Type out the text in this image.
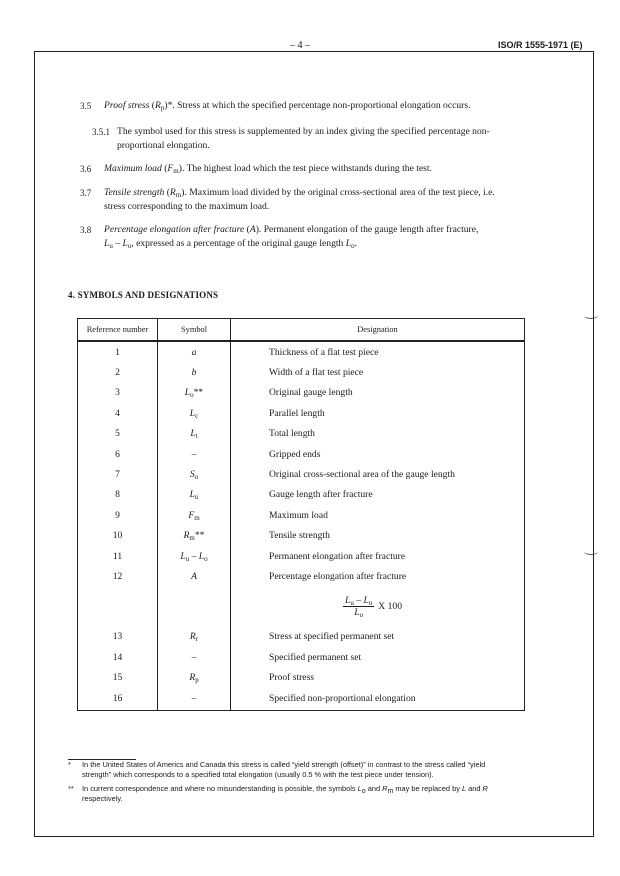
– 4 –	ISO/R 1555-1971 (E)
3.5 Proof stress $(R_p)*$. Stress at which the specified percentage non-proportional elongation occurs.
3.5.1 The symbol used for this stress is supplemented by an index giving the specified percentage non-
proportional elongation.
3.6 Maximum load $(F_m)$. The highest load which the test piece withstands during the test.
3.7 Tensile strength $(R_m)$. Maximum load divided by the original cross-sectional area of the test piece, i.e.
stress corresponding to the maximum load.
3.8 Percentage elongation after fracture (A). Permanent elongation of the gauge length after fracture,
$L_u - L_o$, expressed as a percentage of the original gauge length $L_o$.
4. SYMBOLS AND DESIGNATIONS
Reference number	Symbol	Designation
1	a	Thickness of a flat test piece
2	b	Width of a flat test piece
3	$L_o**$	Original gauge length
4	$L_c$	Parallel length
5	$L_t$	Total length
6	–	Gripped ends
7	$S_o$	Original cross-sectional area of the gauge length
8	$L_u$	Gauge length after fracture
9	$F_m$	Maximum load
10	$R_m**$	Tensile strength
11	$L_u - L_o$	Permanent elongation after fracture
12	A	Percentage elongation after fracture

		$\frac{L_u - L_o}{L_o}$ X 100
13	$R_r$	Stress at specified permanent set
14	–	Specified permanent set
15	$R_p$	Proof stress
16	–	Specified non-proportional elongation
* In the United States of Americs and Canada this stress is called “yield strength (offset)” in contrast to the stress called “yield
strength” which corresponds to a specified total elongation (usually 0.5 % with the test piece under tension).
** In current correspondence and where no misunderstanding is possible, the symbols $L_o$ and $R_m$ may be replaced by L and R
respectively.
